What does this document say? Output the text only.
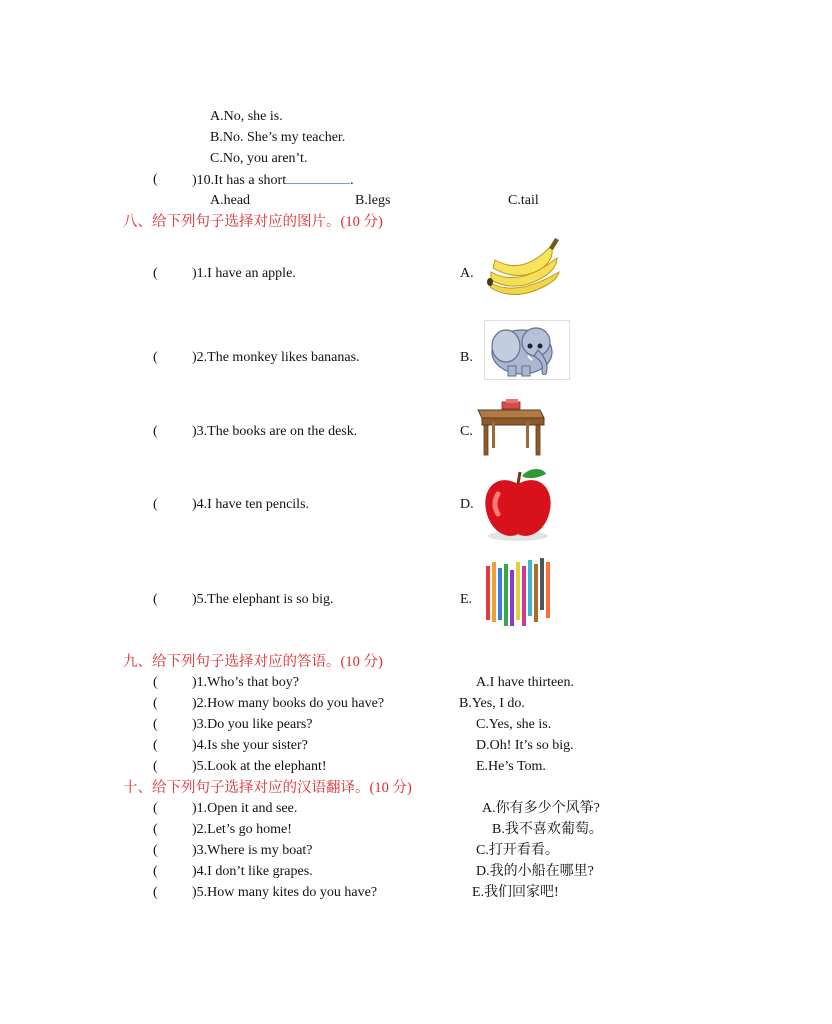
A.No, she is.
B.No. She’s my teacher.
C.No, you aren’t.
( )10.It has a short	.
A.head	B.legs	C.tail
八、给下列句子选择对应的图片。(10 分)
( )1.I have an apple.	A.
( )2.The monkey likes bananas.	B.
( )3.The books are on the desk.	C.
( )4.I have ten pencils.	D.
( )5.The elephant is so big.	E.
九、给下列句子选择对应的答语。(10 分)
( )1.Who’s that boy?	A.I have thirteen.
( )2.How many books do you have?	B.Yes, I do.
( )3.Do you like pears?	C.Yes, she is.
( )4.Is she your sister?	D.Oh! It’s so big.
( )5.Look at the elephant!	E.He’s Tom.
十、给下列句子选择对应的汉语翻译。(10 分)
( )1.Open it and see.	A.你有多少个风筝?
( )2.Let’s go home!	B.我不喜欢葡萄。
( )3.Where is my boat?	C.打开看看。
( )4.I don’t like grapes.	D.我的小船在哪里?
( )5.How many kites do you have?	E.我们回家吧!
